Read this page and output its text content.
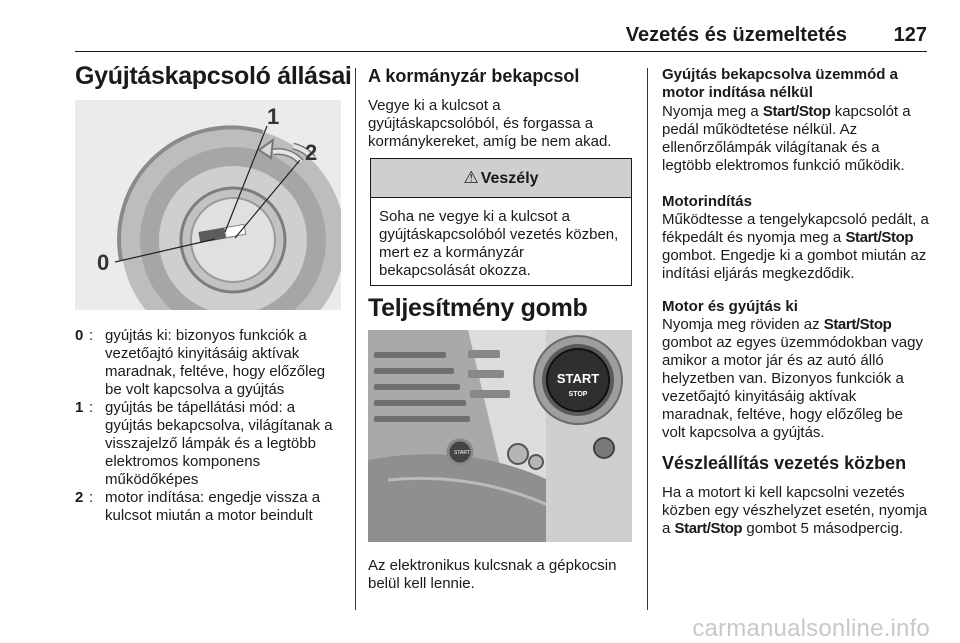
Vezetés és üzemeltetés 127
Gyújtáskapcsoló állásai
1
2
0
0 : gyújtás ki: bizonyos funkciók a vezetőajtó kinyitásáig aktívak maradnak, feltéve, hogy előzőleg be volt kapcsolva a gyújtás
1 : gyújtás be tápellátási mód: a gyújtás bekapcsolva, világítanak a visszajelző lámpák és a legtöbb elektromos komponens működőképes
2 : motor indítása: engedje vissza a kulcsot miután a motor beindult
A kormányzár bekapcsol
Vegye ki a kulcsot a gyújtáskapcsolóból, és forgassa a kormánykereket, amíg be nem akad.
⚠ Veszély
Soha ne vegye ki a kulcsot a gyújtáskapcsolóból vezetés közben, mert ez a kormányzár bekapcsolását okozza.
Teljesítmény gomb
START
START
STOP
Az elektronikus kulcsnak a gépkocsin belül kell lennie.
Gyújtás bekapcsolva üzemmód a motor indítása nélkül
Nyomja meg a Start/Stop kapcsolót a pedál működtetése nélkül. Az ellenőrzőlámpák világítanak és a legtöbb elektromos funkció működik.
Motorindítás
Működtesse a tengelykapcsoló pedált, a fékpedált és nyomja meg a Start/Stop gombot. Engedje ki a gombot miután az indítási eljárás megkezdődik.
Motor és gyújtás ki
Nyomja meg röviden az Start/Stop gombot az egyes üzemmódokban vagy amikor a motor jár és az autó álló helyzetben van. Bizonyos funkciók a vezetőajtó kinyitásáig aktívak maradnak, feltéve, hogy előzőleg be volt kapcsolva a gyújtás.
Vészleállítás vezetés közben
Ha a motort ki kell kapcsolni vezetés közben egy vészhelyzet esetén, nyomja a Start/Stop gombot 5 másodpercig.
carmanualsonline.info
